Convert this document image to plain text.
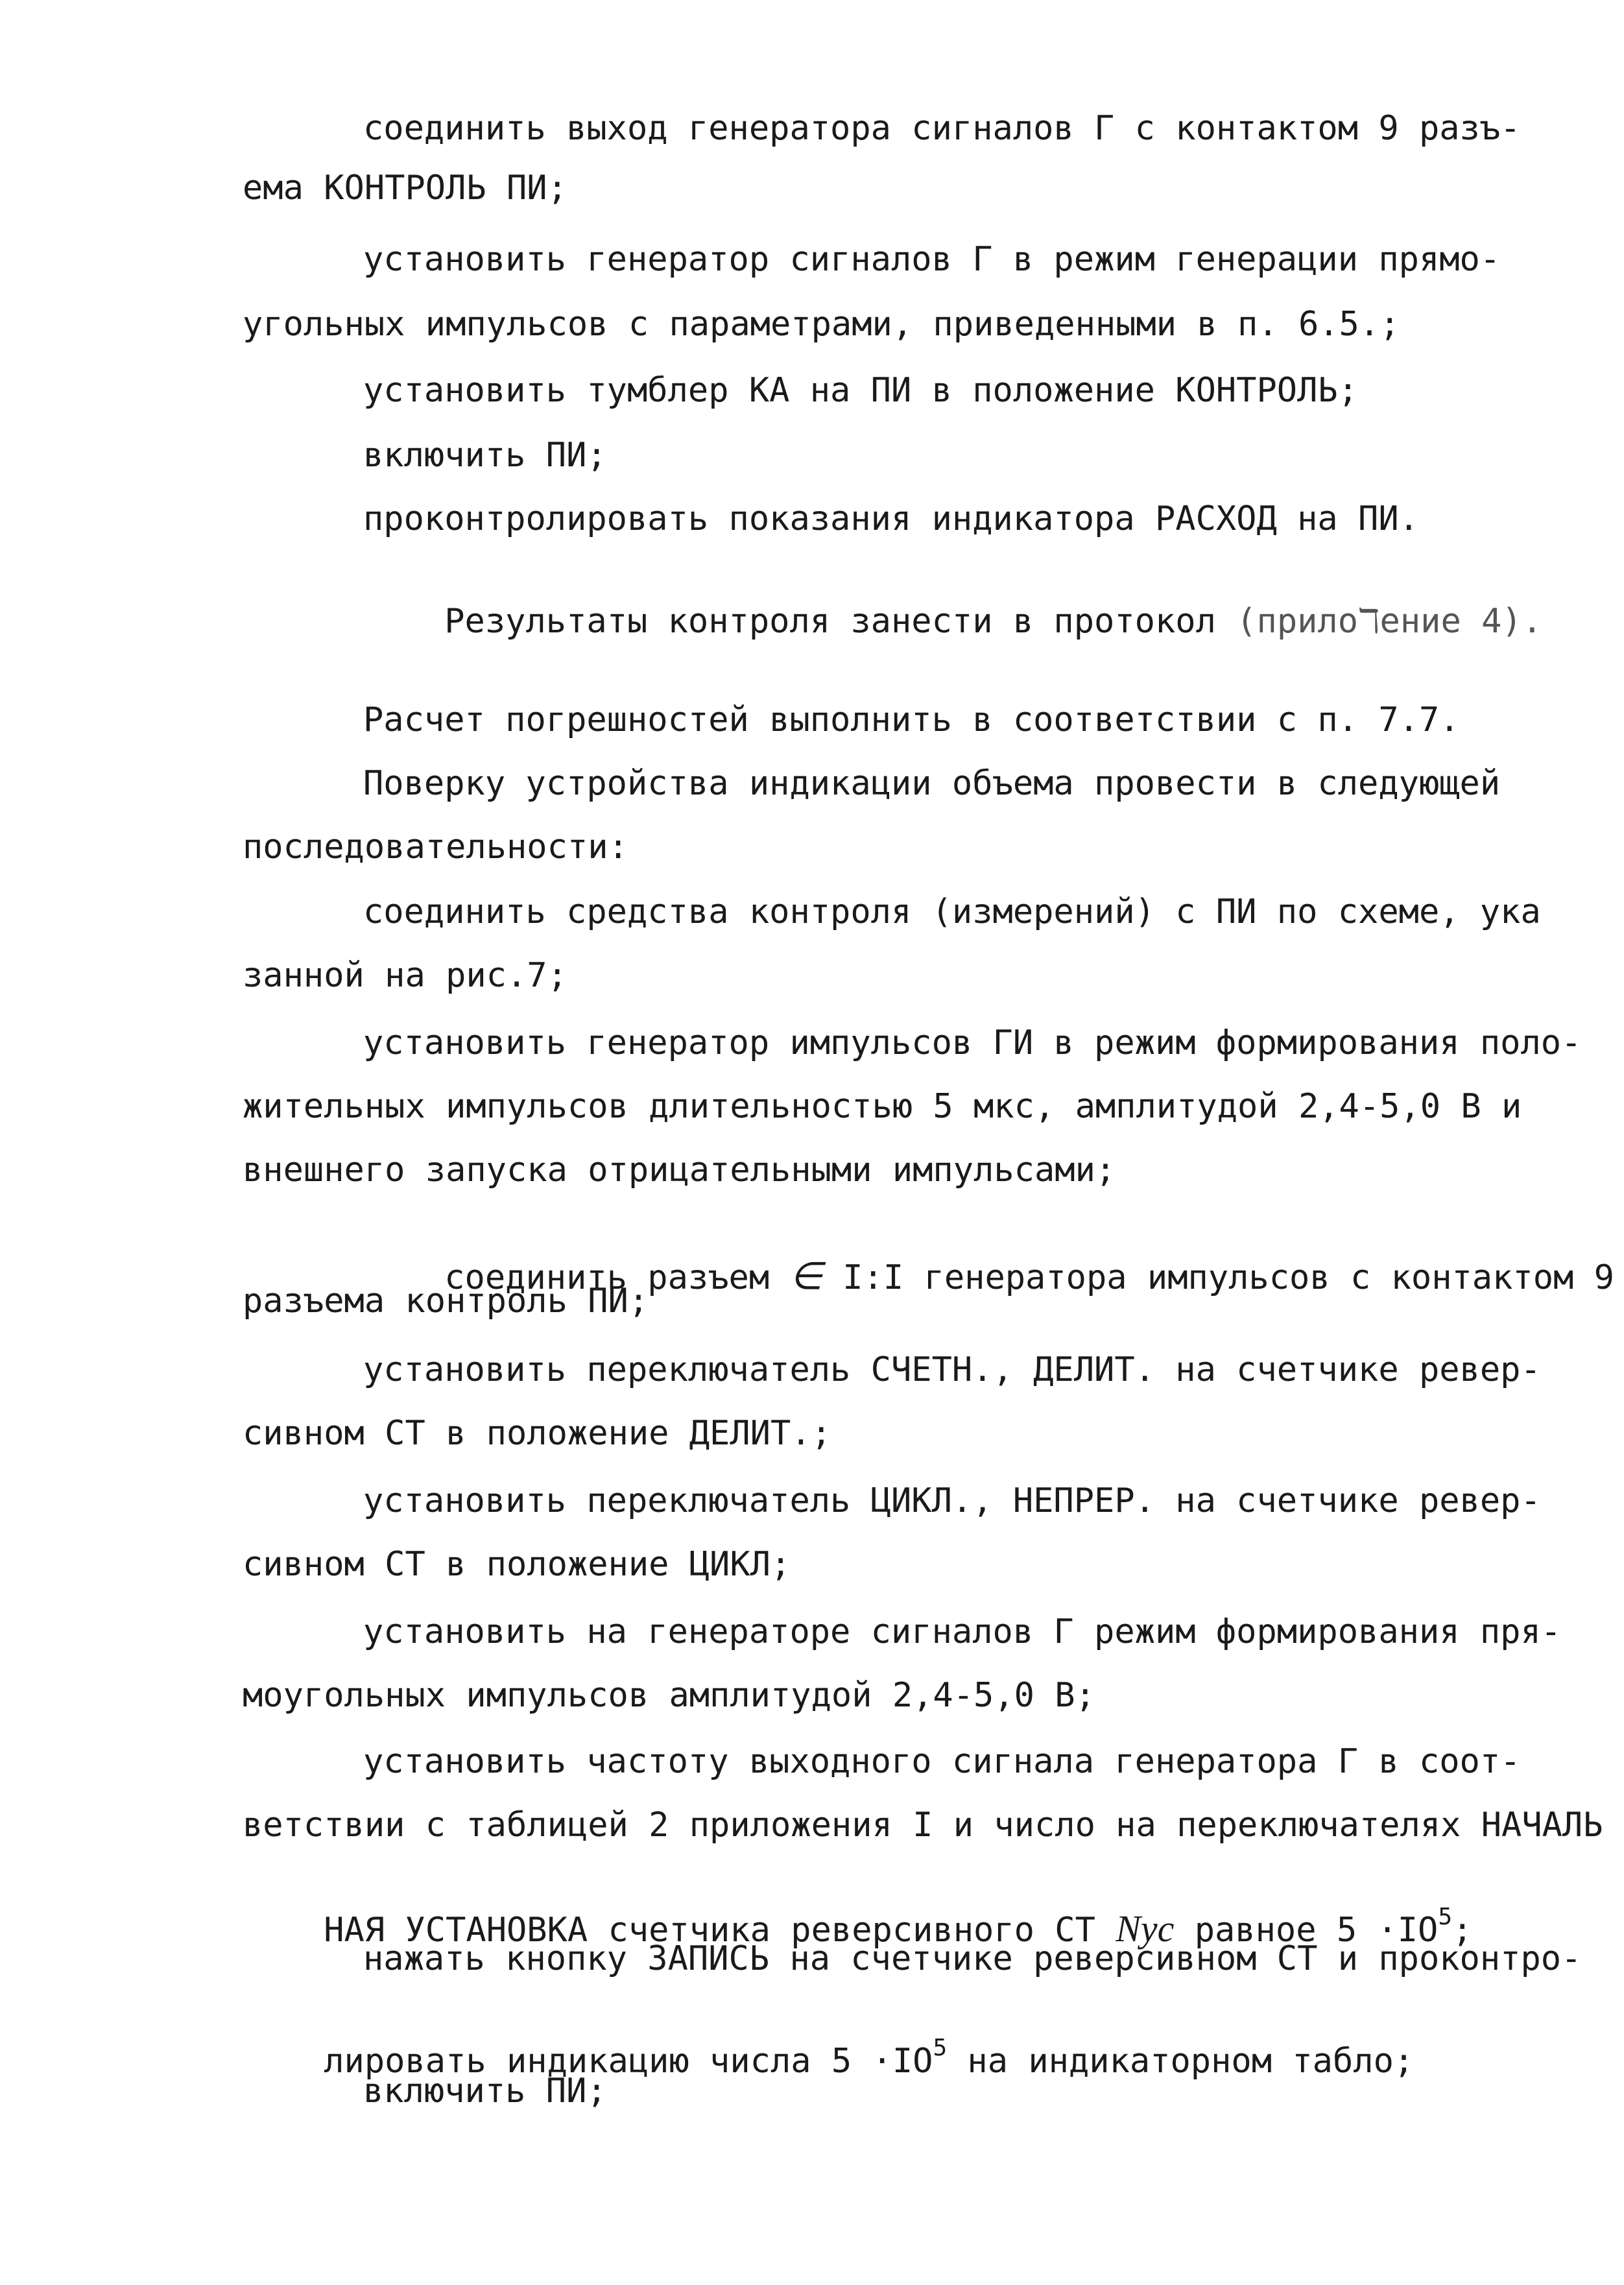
соединить выход генератора сигналов Г с контактом 9 разъ-
ема КОНТРОЛЬ ПИ;
установить генератор сигналов Г в режим генерации прямо-
угольных импульсов с параметрами, приведенными в п. 6.5.;
установить тумблер КА на ПИ в положение КОНТРОЛЬ;
включить ПИ;
проконтролировать показания индикатора РАСХОД на ПИ.

Результаты контроля занести в протокол (прилоℸение 4).

Расчет погрешностей выполнить в соответствии с п. 7.7.
Поверку устройства индикации объема провести в следующей
последовательности:
соединить средства контроля (измерений) с ПИ по схеме, ука
занной на рис.7;
установить генератор импульсов ГИ в режим формирования поло-
жительных импульсов длительностью 5 мкс, амплитудой 2,4-5,0 В и
внешнего запуска отрицательными импульсами;

соединить разъем ∈ I:I генератора импульсов с контактом 9

разъема контроль ПИ;
установить переключатель СЧЕТН., ДЕЛИТ. на счетчике ревер-
сивном СТ в положение ДЕЛИТ.;
установить переключатель ЦИКЛ., НЕПРЕР. на счетчике ревер-
сивном СТ в положение ЦИКЛ;
установить на генераторе сигналов Г режим формирования пря-
моугольных импульсов амплитудой 2,4-5,0 В;
установить частоту выходного сигнала генератора Г в соот-
ветствии с таблицей 2 приложения I и число на переключателях НАЧАЛЬ

НАЯ УСТАНОВКА счетчика реверсивного СТ Nус равное $5 \cdot IO^5$;

нажать кнопку ЗАПИСЬ на счетчике реверсивном СТ и проконтро-

лировать индикацию числа $5 \cdot IO^5$ на индикаторном табло;

включить ПИ;
